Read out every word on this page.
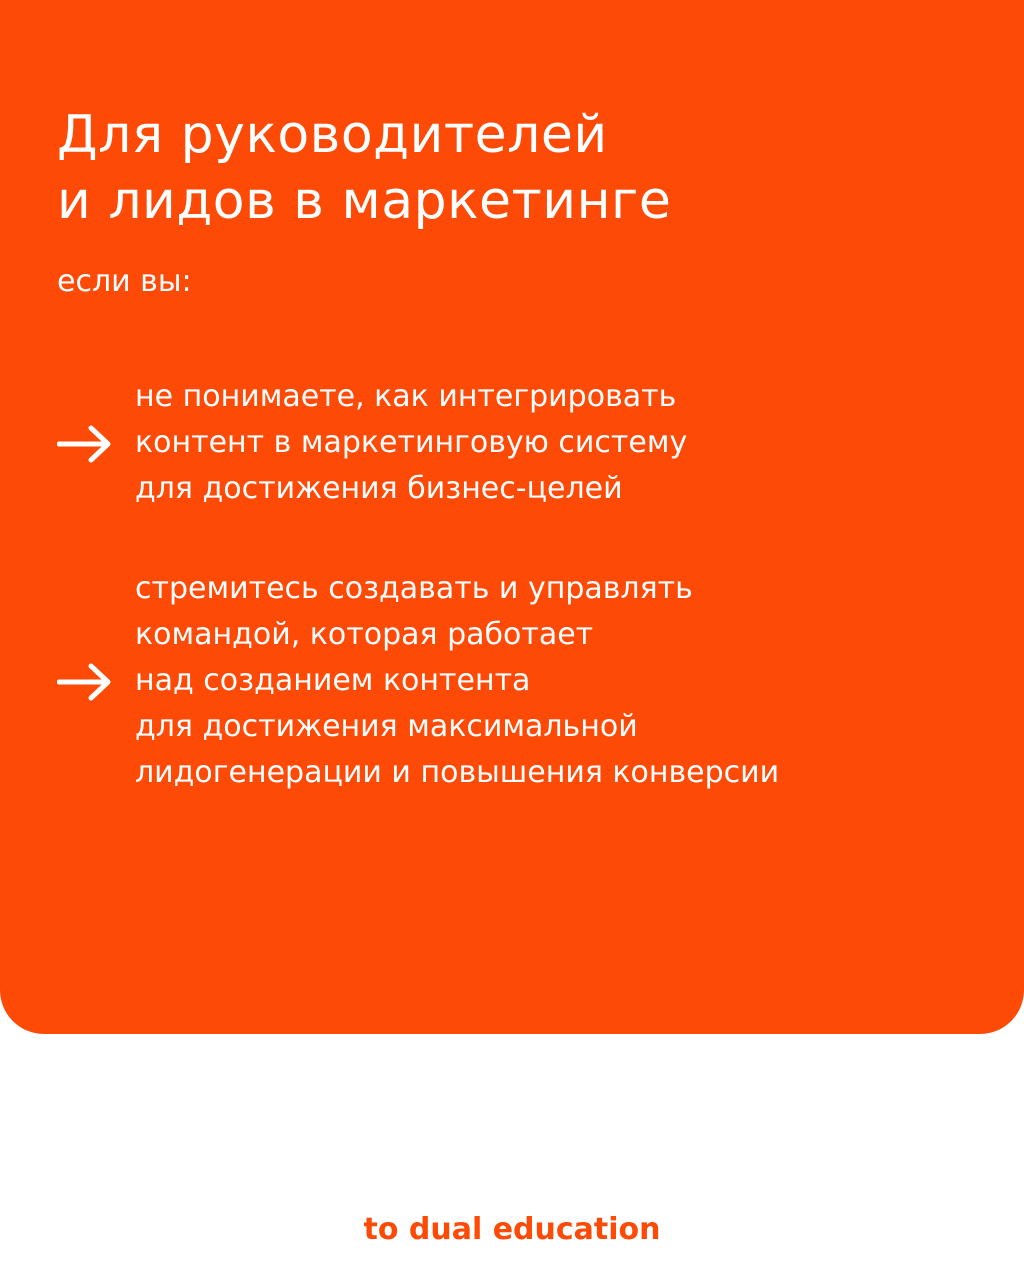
Для руководителей
и лидов в маркетинге

если вы:

не понимаете, как интегрировать
контент в маркетинговую систему
для достижения бизнес-целей
стремитесь создавать и управлять
командой, которая работает
над созданием контента
для достижения максимальной
лидогенерации и повышения конверсии
to dual education
